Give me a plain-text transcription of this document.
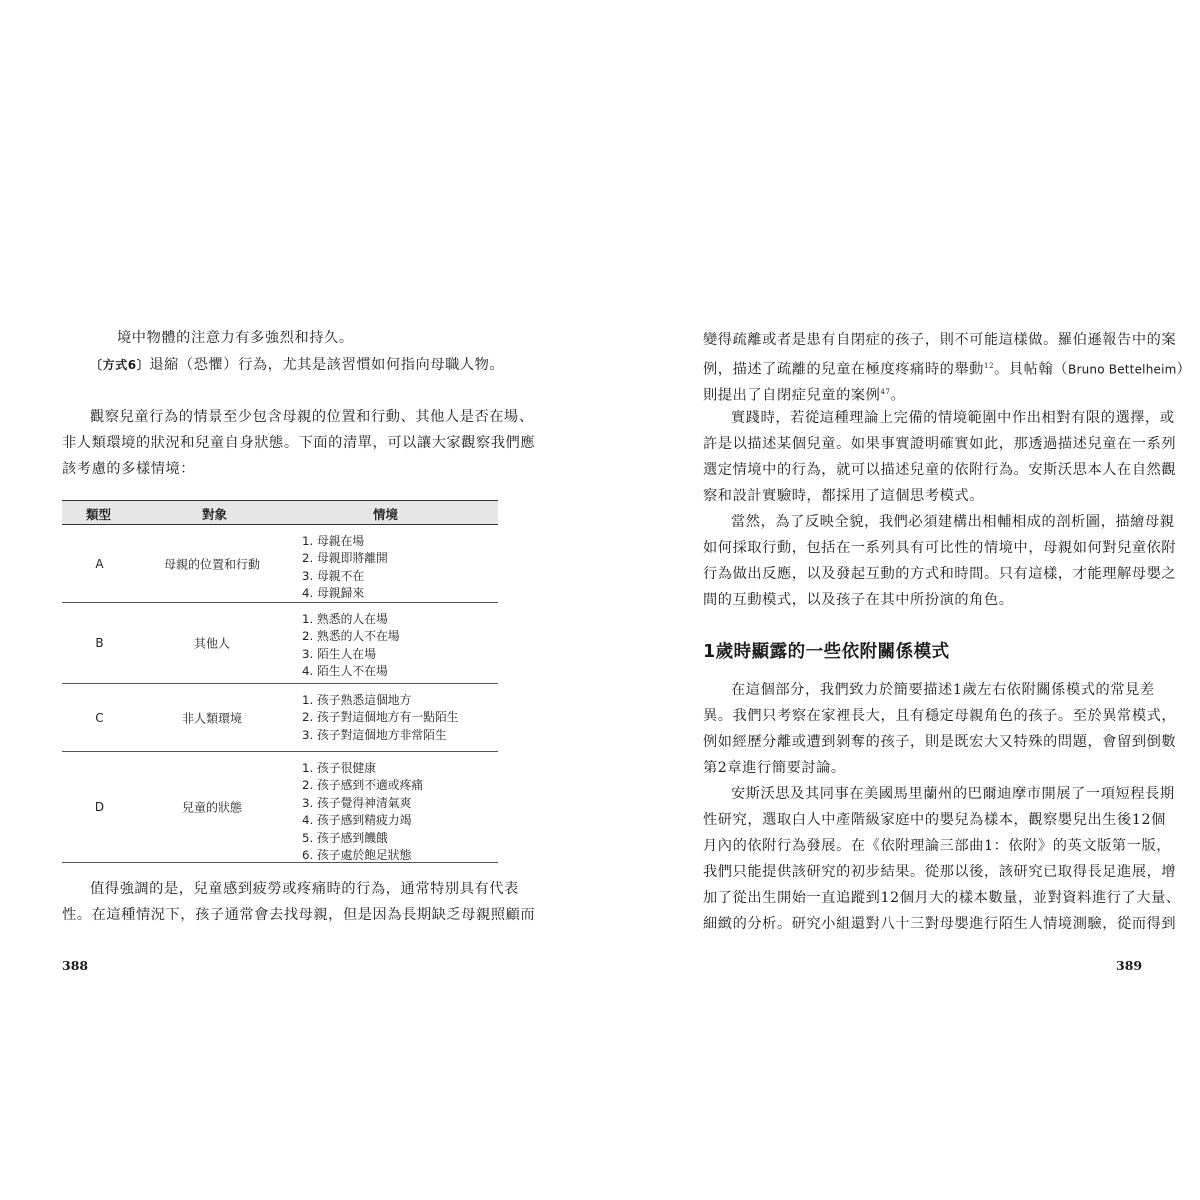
境中物體的注意力有多強烈和持久。

〔方式6〕退縮（恐懼）行為，尤其是該習慣如何指向母職人物。

觀察兒童行為的情景至少包含母親的位置和行動、其他人是否在場、

非人類環境的狀況和兒童自身狀態。下面的清單，可以讓大家觀察我們應

該考慮的多樣情境：

類型	對象	情境
A	母親的位置和行動
1. 母親在場
2. 母親即將離開
3. 母親不在
4. 母親歸來
B	其他人
1. 熟悉的人在場
2. 熟悉的人不在場
3. 陌生人在場
4. 陌生人不在場
C	非人類環境
1. 孩子熟悉這個地方
2. 孩子對這個地方有一點陌生
3. 孩子對這個地方非常陌生
D	兒童的狀態
1. 孩子很健康
2. 孩子感到不適或疼痛
3. 孩子覺得神清氣爽
4. 孩子感到精疲力竭
5. 孩子感到饑餓
6. 孩子處於飽足狀態

值得強調的是，兒童感到疲勞或疼痛時的行為，通常特別具有代表

性。在這種情況下，孩子通常會去找母親，但是因為長期缺乏母親照顧而

388

變得疏離或者是患有自閉症的孩子，則不可能這樣做。羅伯遜報告中的案

例，描述了疏離的兒童在極度疼痛時的舉動$^{12}$。貝帖翰（Bruno Bettelheim）

則提出了自閉症兒童的案例$^{47}$。

實踐時，若從這種理論上完備的情境範圍中作出相對有限的選擇，或

許是以描述某個兒童。如果事實證明確實如此，那透過描述兒童在一系列

選定情境中的行為，就可以描述兒童的依附行為。安斯沃思本人在自然觀

察和設計實驗時，都採用了這個思考模式。

當然，為了反映全貌，我們必須建構出相輔相成的剖析圖，描繪母親

如何採取行動，包括在一系列具有可比性的情境中，母親如何對兒童依附

行為做出反應，以及發起互動的方式和時間。只有這樣，才能理解母嬰之

間的互動模式，以及孩子在其中所扮演的角色。

1歲時顯露的一些依附關係模式

在這個部分，我們致力於簡要描述1歲左右依附關係模式的常見差

異。我們只考察在家裡長大，且有穩定母親角色的孩子。至於異常模式，

例如經歷分離或遭到剝奪的孩子，則是既宏大又特殊的問題，會留到倒數

第2章進行簡要討論。

安斯沃思及其同事在美國馬里蘭州的巴爾迪摩市開展了一項短程長期

性研究，選取白人中產階級家庭中的嬰兒為樣本，觀察嬰兒出生後12個

月內的依附行為發展。在《依附理論三部曲1：依附》的英文版第一版，

我們只能提供該研究的初步結果。從那以後，該研究已取得長足進展，增

加了從出生開始一直追蹤到12個月大的樣本數量，並對資料進行了大量、

細緻的分析。研究小組還對八十三對母嬰進行陌生人情境測驗，從而得到

389
